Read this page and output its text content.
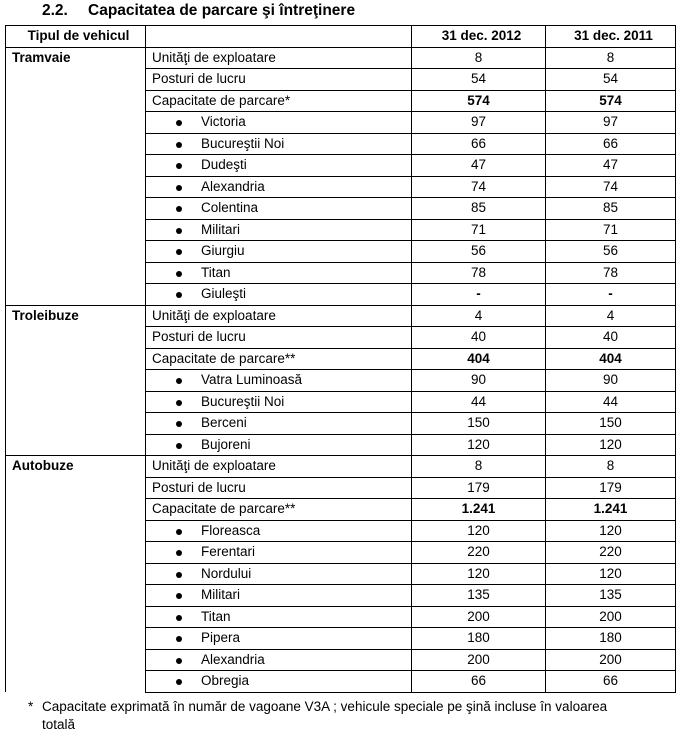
2.2. Capacitatea de parcare şi întreţinere
Tipul de vehicul		31 dec. 2012	31 dec. 2011
Tramvaie	Unităţi de exploatare	8	8
	Posturi de lucru	54	54
	Capacitate de parcare*	574	574
	Victoria	97	97
	Bucureştii Noi	66	66
	Dudeşti	47	47
	Alexandria	74	74
	Colentina	85	85
	Militari	71	71
	Giurgiu	56	56
	Titan	78	78
	Giuleşti	-	-
Troleibuze	Unităţi de exploatare	4	4
	Posturi de lucru	40	40
	Capacitate de parcare**	404	404
	Vatra Luminoasă	90	90
	Bucureştii Noi	44	44
	Berceni	150	150
	Bujoreni	120	120
Autobuze	Unităţi de exploatare	8	8
	Posturi de lucru	179	179
	Capacitate de parcare**	1.241	1.241
	Floreasca	120	120
	Ferentari	220	220
	Nordului	120	120
	Militari	135	135
	Titan	200	200
	Pipera	180	180
	Alexandria	200	200
	Obregia	66	66
* Capacitate exprimată în număr de vagoane V3A ; vehicule speciale pe şină incluse în valoarea totală
